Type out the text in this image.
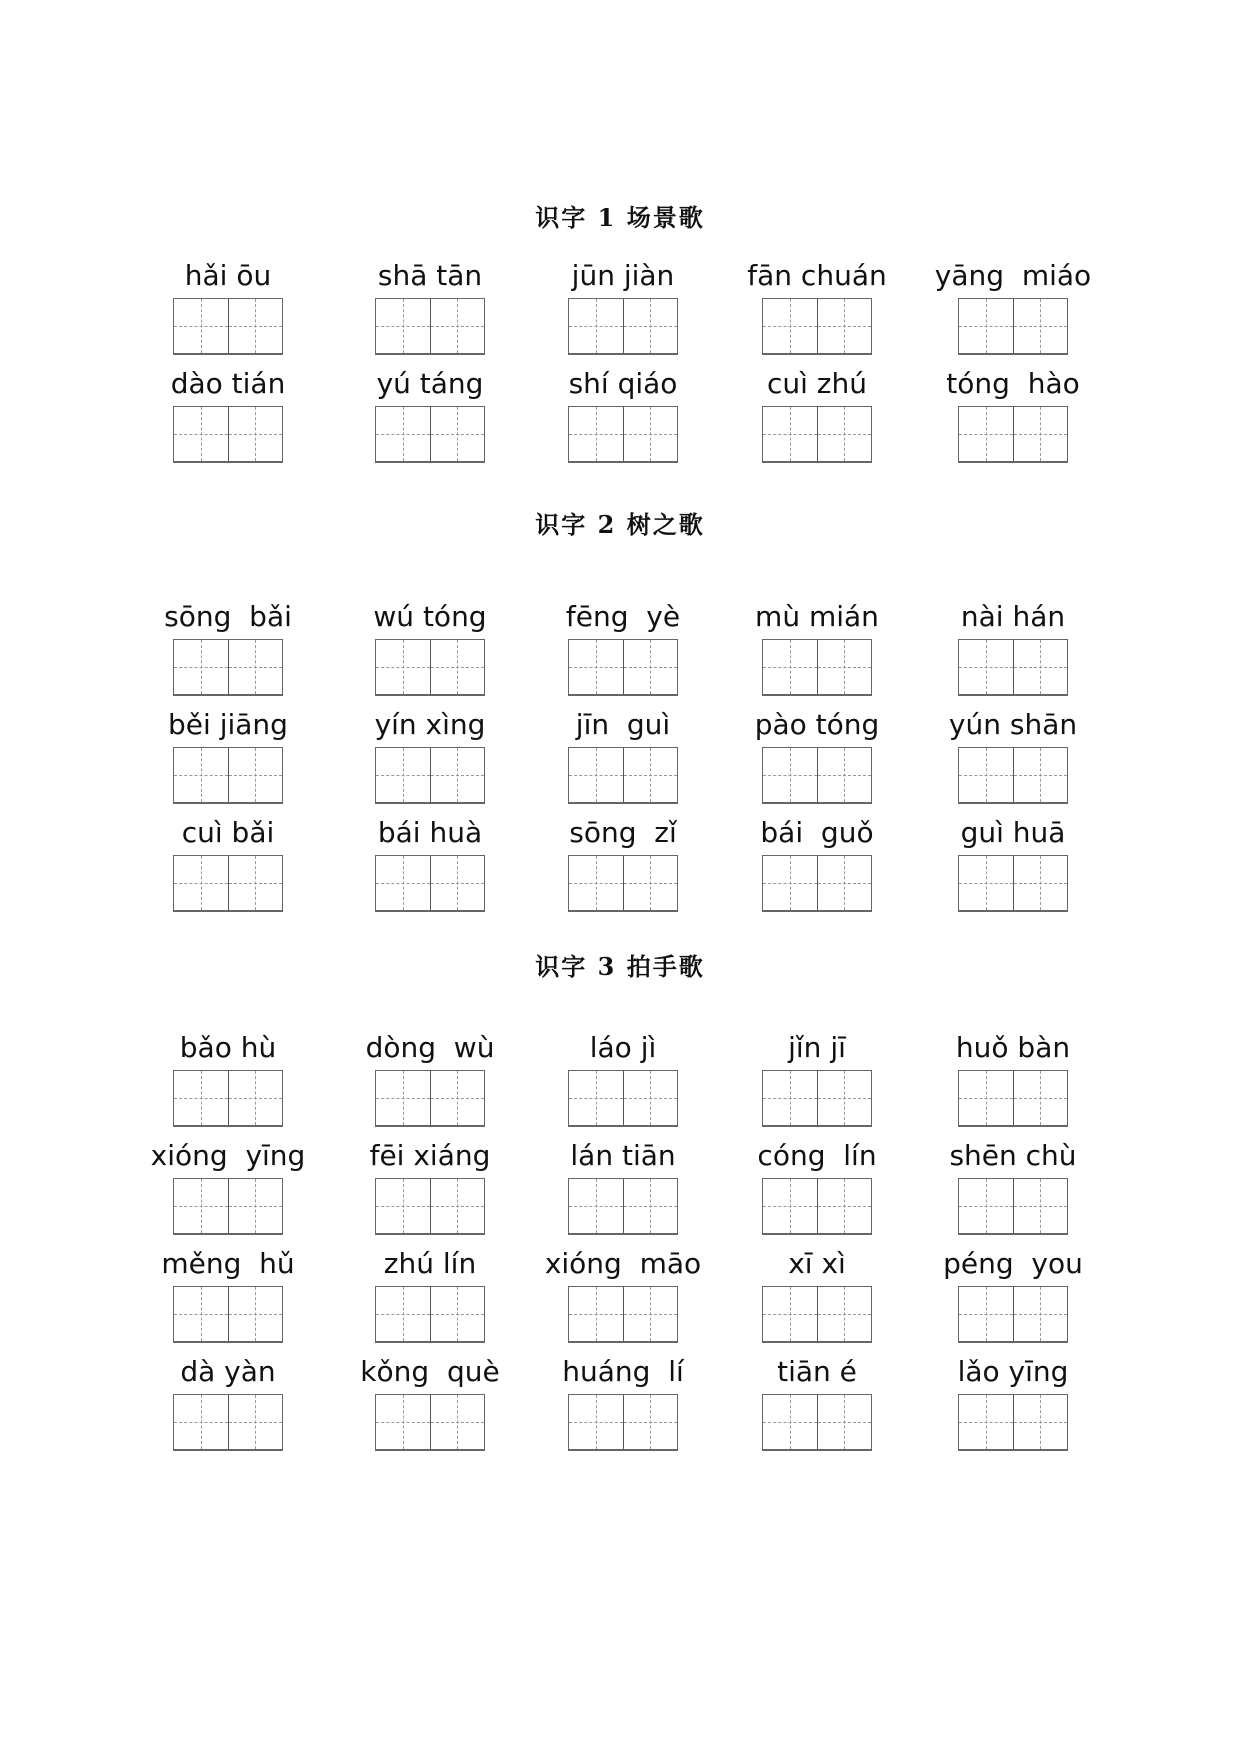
识字 1 场景歌
hǎi ōu	shā tān	jūn jiàn	fān chuán	yāng  miáo
dào tián	yú táng	shí qiáo	cuì zhú	tóng  hào
识字 2 树之歌
sōng  bǎi	wú tóng	fēng  yè	mù mián	nài hán
běi jiāng	yín xìng	jīn  guì	pào tóng	yún shān
cuì bǎi	bái huà	sōng  zǐ	bái  guǒ	guì huā
识字 3 拍手歌
bǎo hù	dòng  wù	láo jì	jǐn jī	huǒ bàn
xióng  yīng	fēi xiáng	lán tiān	cóng  lín	shēn chù
měng  hǔ	zhú lín	xióng  māo	xī xì	péng  you
dà yàn	kǒng  què	huáng  lí	tiān é	lǎo yīng
